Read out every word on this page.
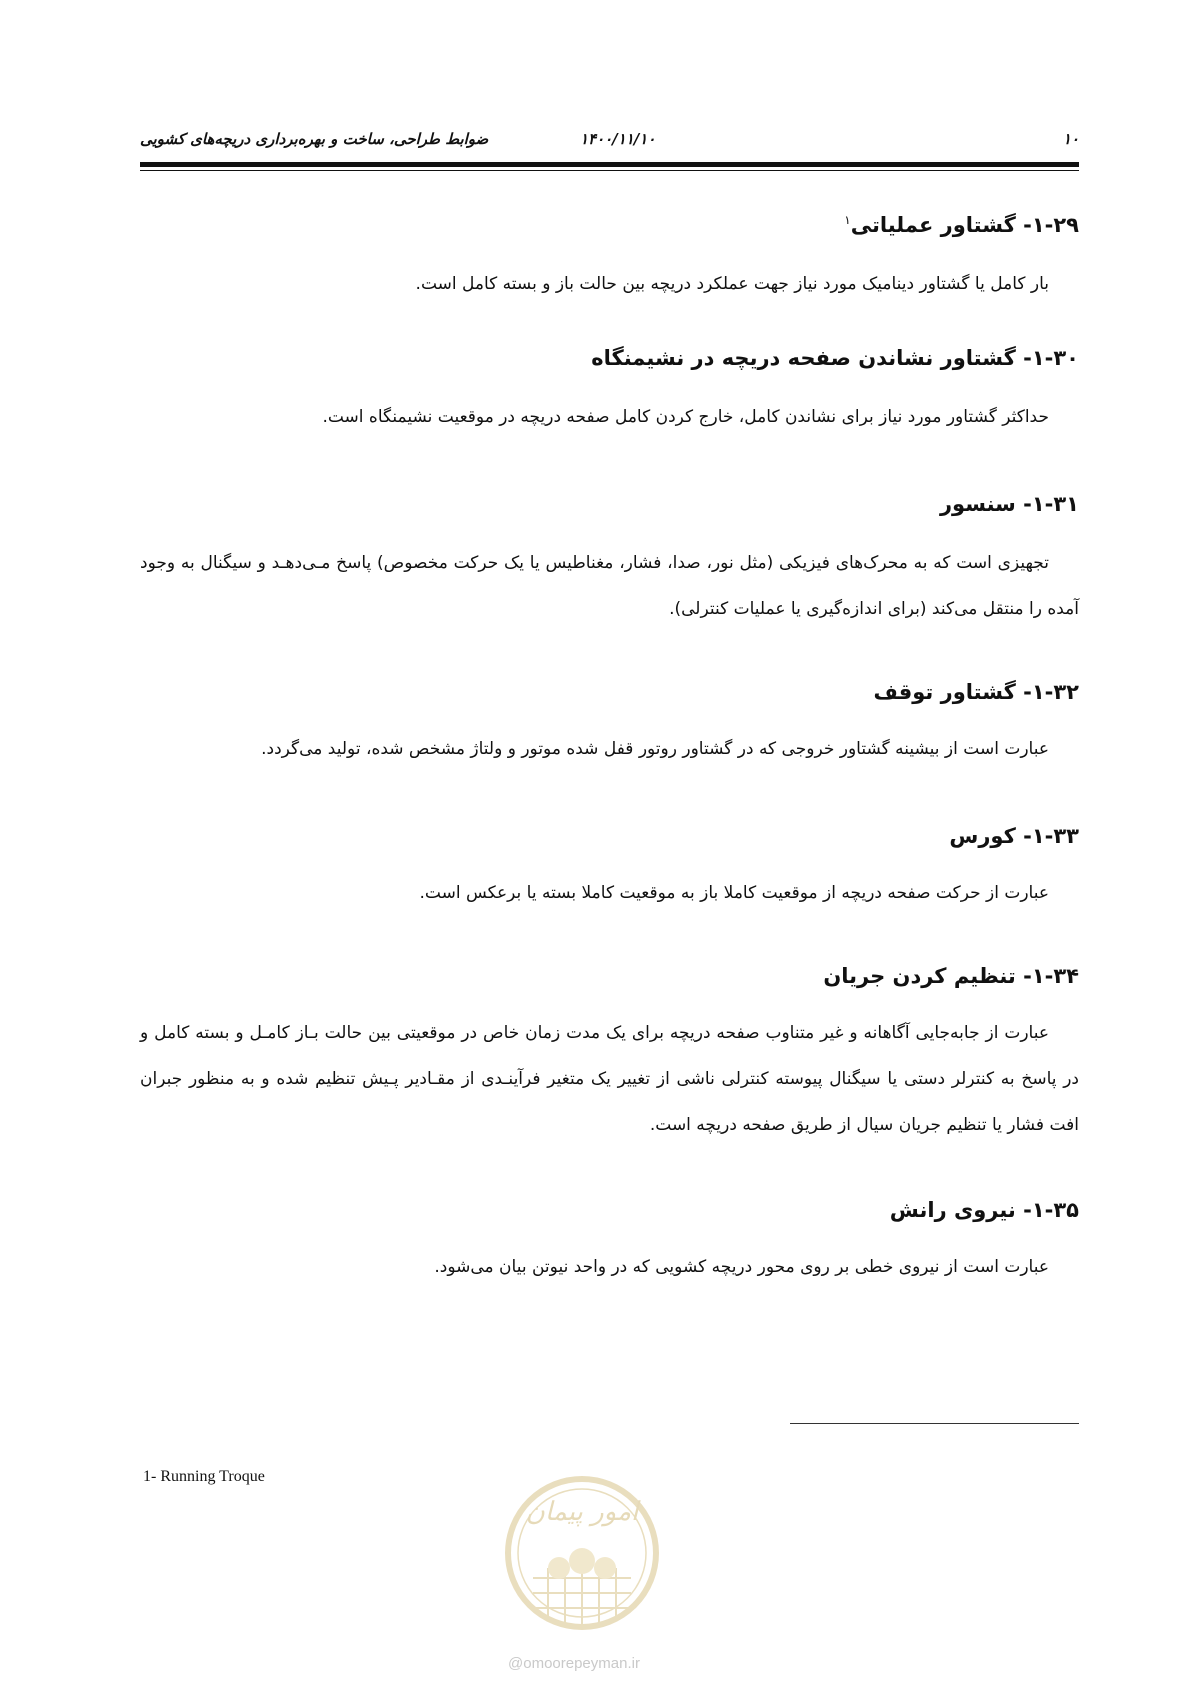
۱۰
۱۴۰۰/۱۱/۱۰
ضوابط طراحی، ساخت و بهره‌برداری دریچه‌های کشویی
۱-۲۹- گشتاور عملیاتی$^۱$

بار کامل یا گشتاور دینامیک مورد نیاز جهت عملکرد دریچه بین حالت باز و بسته کامل است.

۱-۳۰- گشتاور نشاندن صفحه دریچه در نشیمنگاه

حداکثر گشتاور مورد نیاز برای نشاندن کامل، خارج کردن کامل صفحه دریچه در موقعیت نشیمنگاه است.

۱-۳۱- سنسور

تجهیزی است که به محرک‌های فیزیکی (مثل نور، صدا، فشار، مغناطیس یا یک حرکت مخصوص) پاسخ مـی‌دهـد و سیگنال به وجود آمده را منتقل می‌کند (برای اندازه‌گیری یا عملیات کنترلی).

۱-۳۲- گشتاور توقف

عبارت است از بیشینه گشتاور خروجی که در گشتاور روتور قفل شده موتور و ولتاژ مشخص شده، تولید می‌گردد.

۱-۳۳- کورس

عبارت از حرکت صفحه دریچه از موقعیت کاملا باز به موقعیت کاملا بسته یا برعکس است.

۱-۳۴- تنظیم کردن جریان

عبارت از جابه‌جایی آگاهانه و غیر متناوب صفحه دریچه برای یک مدت زمان خاص در موقعیتی بین حالت بـاز کامـل و بسته کامل و در پاسخ به کنترلر دستی یا سیگنال پیوسته کنترلی ناشی از تغییر یک متغیر فرآینـدی از مقـادیر پـیش تنظیم شده و به منظور جبران افت فشار یا تنظیم جریان سیال از طریق صفحه دریچه است.

۱-۳۵- نیروی رانش

عبارت است از نیروی خطی بر روی محور دریچه کشویی که در واحد نیوتن بیان می‌شود.

1- Running Troque
امور پیمان
@omoorepeyman.ir
